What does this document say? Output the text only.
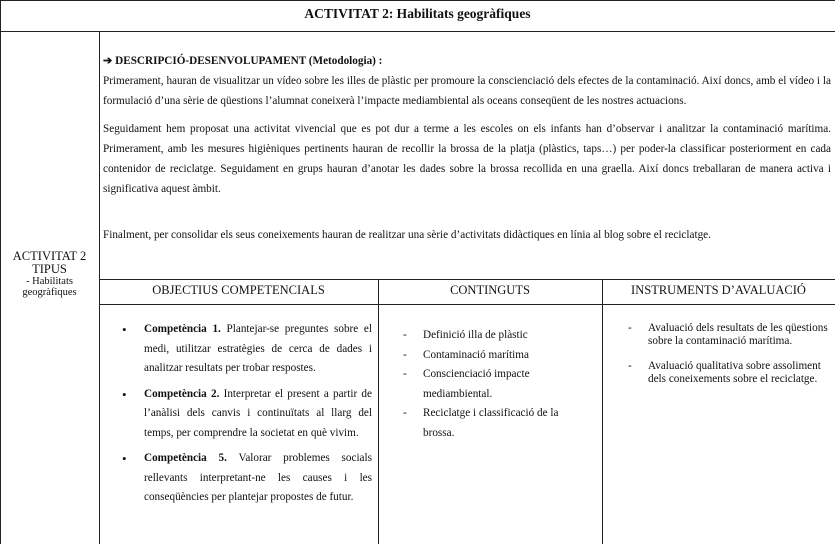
ACTIVITAT 2: Habilitats geogràfiques
ACTIVITAT 2 TIPUS
- Habilitats geogràfiques

➔ DESCRIPCIÓ-DESENVOLUPAMENT (Metodologia) :

Primerament, hauran de visualitzar un vídeo sobre les illes de plàstic per promoure la conscienciació dels efectes de la contaminació. Així doncs, amb el vídeo i la formulació d’una sèrie de qüestions l’alumnat coneixerà l’impacte mediambiental als oceans conseqüent de les nostres actuacions.

Seguidament hem proposat una activitat vivencial que es pot dur a terme a les escoles on els infants han d’observar i analitzar la contaminació marítima. Primerament, amb les mesures higièniques pertinents hauran de recollir la brossa de la platja (plàstics, taps…) per poder-la classificar posteriorment en cada contenidor de reciclatge. Seguidament en grups hauran d’anotar les dades sobre la brossa recollida en una graella. Així doncs treballaran de manera activa i significativa aquest àmbit.

Finalment, per consolidar els seus coneixements hauran de realitzar una sèrie d’activitats didàctiques en línia al blog sobre el reciclatge.

OBJECTIUS COMPETENCIALS	CONTINGUTS	INSTRUMENTS D’AVALUACIÓ
• Competència 1. Plantejar-se preguntes sobre el medi, utilitzar estratègies de cerca de dades i analitzar resultats per trobar respostes.
• Competència 2. Interpretar el present a partir de l’anàlisi dels canvis i continuïtats al llarg del temps, per comprendre la societat en què vivim.
• Competència 5. Valorar problemes socials rellevants interpretant-ne les causes i les conseqüències per plantejar propostes de futur.
- Definició illa de plàstic
- Contaminació marítima
- Conscienciació impacte mediambiental.
- Reciclatge i classificació de la brossa.
- Avaluació dels resultats de les qüestions sobre la contaminació marítima.
- Avaluació qualitativa sobre assoliment dels coneixements sobre el reciclatge.
